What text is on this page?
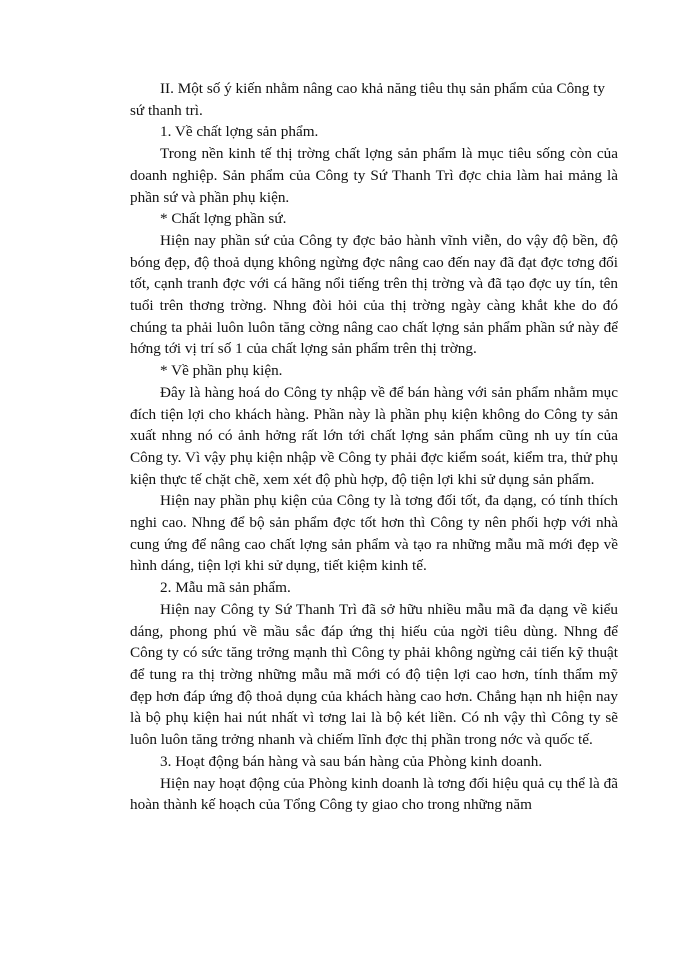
II. Một số ý kiến nhằm nâng cao khả năng tiêu thụ sản phẩm của Công ty sứ thanh trì.

1. Về chất lợng sản phẩm.

Trong nền kinh tế thị trờng chất lợng sản phẩm là mục tiêu sống còn của doanh nghiệp. Sản phẩm của Công ty Sứ Thanh Trì đợc chia làm hai mảng là phần sứ và phần phụ kiện.

* Chất lợng phần sứ.

Hiện nay phần sứ của Công ty đợc bảo hành vĩnh viễn, do vậy độ bền, độ bóng đẹp, độ thoả dụng không ngừng đợc nâng cao đến nay đã đạt đợc tơng đối tốt, cạnh tranh đợc với cá hãng nổi tiếng trên thị trờng và đã tạo đợc uy tín, tên tuổi trên thơng trờng. Nhng đòi hỏi của thị trờng ngày càng khắt khe do đó chúng ta phải luôn luôn tăng cờng nâng cao chất lợng sản phẩm phần sứ này để hớng tới vị trí số 1 của chất lợng sản phẩm trên thị trờng.

* Về phần phụ kiện.

Đây là hàng hoá do Công ty nhập về để bán hàng với sản phẩm nhằm mục đích tiện lợi cho khách hàng. Phần này là phần phụ kiện không do Công ty sản xuất nhng nó có ảnh hởng rất lớn tới chất lợng sản phẩm cũng nh uy tín của Công ty. Vì vậy phụ kiện nhập về Công ty phải đợc kiểm soát, kiểm tra, thử phụ kiện thực tế chặt chẽ, xem xét độ phù hợp, độ tiện lợi khi sử dụng sản phẩm.

Hiện nay phần phụ kiện của Công ty là tơng đối tốt, đa dạng, có tính thích nghi cao. Nhng để bộ sản phẩm đợc tốt hơn thì Công ty nên phối hợp với nhà cung ứng để nâng cao chất lợng sản phẩm và tạo ra những mẫu mã mới đẹp về hình dáng, tiện lợi khi sử dụng, tiết kiệm kinh tế.

2. Mẫu mã sản phẩm.

Hiện nay Công ty Sứ Thanh Trì đã sở hữu nhiều mẫu mã đa dạng về kiểu dáng, phong phú về mầu sắc đáp ứng thị hiếu của ngời tiêu dùng. Nhng để Công ty có sức tăng trởng mạnh thì Công ty phải không ngừng cải tiến kỹ thuật để tung ra thị trờng những mẫu mã mới có độ tiện lợi cao hơn, tính thẩm mỹ đẹp hơn đáp ứng độ thoả dụng của khách hàng cao hơn. Chẳng hạn nh hiện nay là bộ phụ kiện hai nút nhất vì tơng lai là bộ két liền. Có nh vậy thì Công ty sẽ luôn luôn tăng trởng nhanh và chiếm lĩnh đợc thị phần trong nớc và quốc tế.

3. Hoạt động bán hàng và sau bán hàng của Phòng kinh doanh.

Hiện nay hoạt động của Phòng kinh doanh là tơng đối hiệu quả cụ thể là đã hoàn thành kế hoạch của Tổng Công ty giao cho trong những năm
